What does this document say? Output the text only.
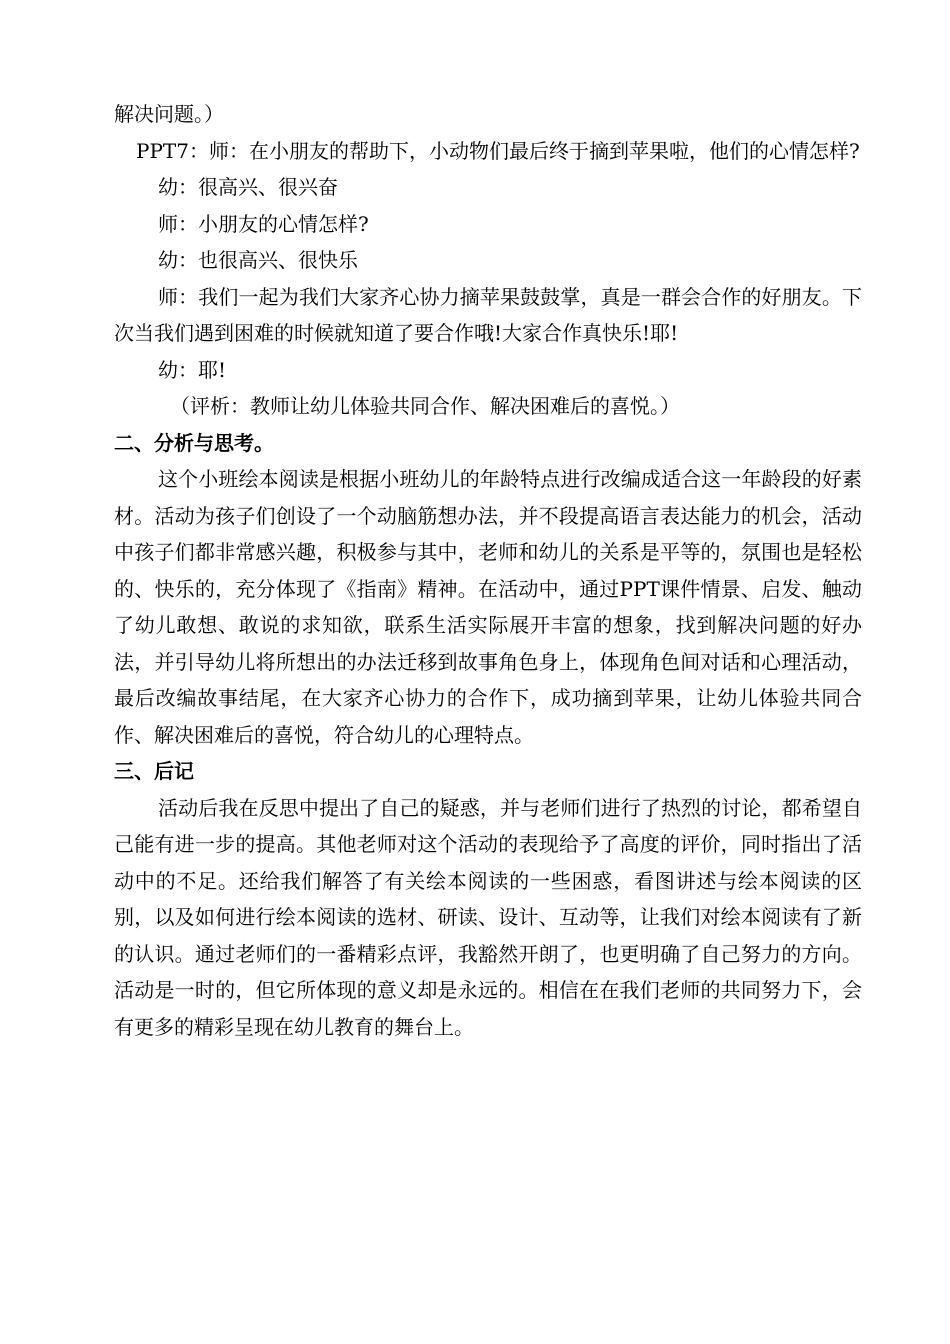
解决问题。）

PPT7：师：在小朋友的帮助下，小动物们最后终于摘到苹果啦，他们的心情怎样?

幼：很高兴、很兴奋

师：小朋友的心情怎样?

幼：也很高兴、很快乐

师：我们一起为我们大家齐心协力摘苹果鼓鼓掌，真是一群会合作的好朋友。下次当我们遇到困难的时候就知道了要合作哦!大家合作真快乐!耶!

幼：耶!

（评析：教师让幼儿体验共同合作、解决困难后的喜悦。）

二、分析与思考。

这个小班绘本阅读是根据小班幼儿的年龄特点进行改编成适合这一年龄段的好素材。活动为孩子们创设了一个动脑筋想办法，并不段提高语言表达能力的机会，活动中孩子们都非常感兴趣，积极参与其中，老师和幼儿的关系是平等的，氛围也是轻松的、快乐的，充分体现了《指南》精神。在活动中，通过PPT课件情景、启发、触动了幼儿敢想、敢说的求知欲，联系生活实际展开丰富的想象，找到解决问题的好办法，并引导幼儿将所想出的办法迁移到故事角色身上，体现角色间对话和心理活动，最后改编故事结尾，在大家齐心协力的合作下，成功摘到苹果，让幼儿体验共同合作、解决困难后的喜悦，符合幼儿的心理特点。

三、后记

活动后我在反思中提出了自己的疑惑，并与老师们进行了热烈的讨论，都希望自己能有进一步的提高。其他老师对这个活动的表现给予了高度的评价，同时指出了活动中的不足。还给我们解答了有关绘本阅读的一些困惑，看图讲述与绘本阅读的区别，以及如何进行绘本阅读的选材、研读、设计、互动等，让我们对绘本阅读有了新的认识。通过老师们的一番精彩点评，我豁然开朗了，也更明确了自己努力的方向。活动是一时的，但它所体现的意义却是永远的。相信在在我们老师的共同努力下，会有更多的精彩呈现在幼儿教育的舞台上。
